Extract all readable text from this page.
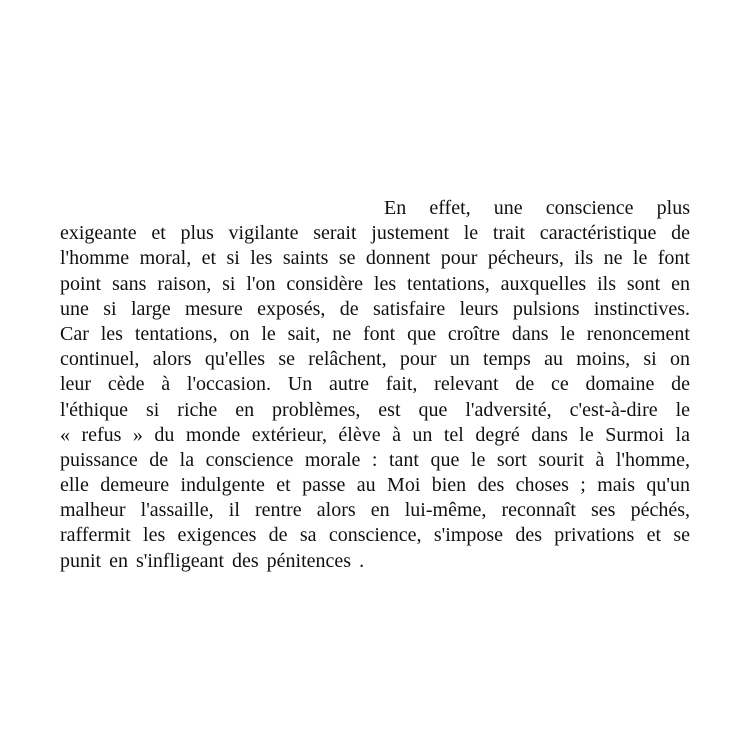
En effet, une conscience plus
exigeante et plus vigilante serait justement le trait caractéristique de
l'homme moral, et si les saints se donnent pour pécheurs, ils ne le font
point sans raison, si l'on considère les tentations, auxquelles ils sont en
une si large mesure exposés, de satisfaire leurs pulsions instinctives.
Car les tentations, on le sait, ne font que croître dans le renoncement
continuel, alors qu'elles se relâchent, pour un temps au moins, si on
leur cède à l'occasion. Un autre fait, relevant de ce domaine de
l'éthique si riche en problèmes, est que l'adversité, c'est-à-dire le
« refus » du monde extérieur, élève à un tel degré dans le Surmoi la
puissance de la conscience morale : tant que le sort sourit à l'homme,
elle demeure indulgente et passe au Moi bien des choses ; mais qu'un
malheur l'assaille, il rentre alors en lui-même, reconnaît ses péchés,
raffermit les exigences de sa conscience, s'impose des privations et se
punit en s'infligeant des pénitences .
